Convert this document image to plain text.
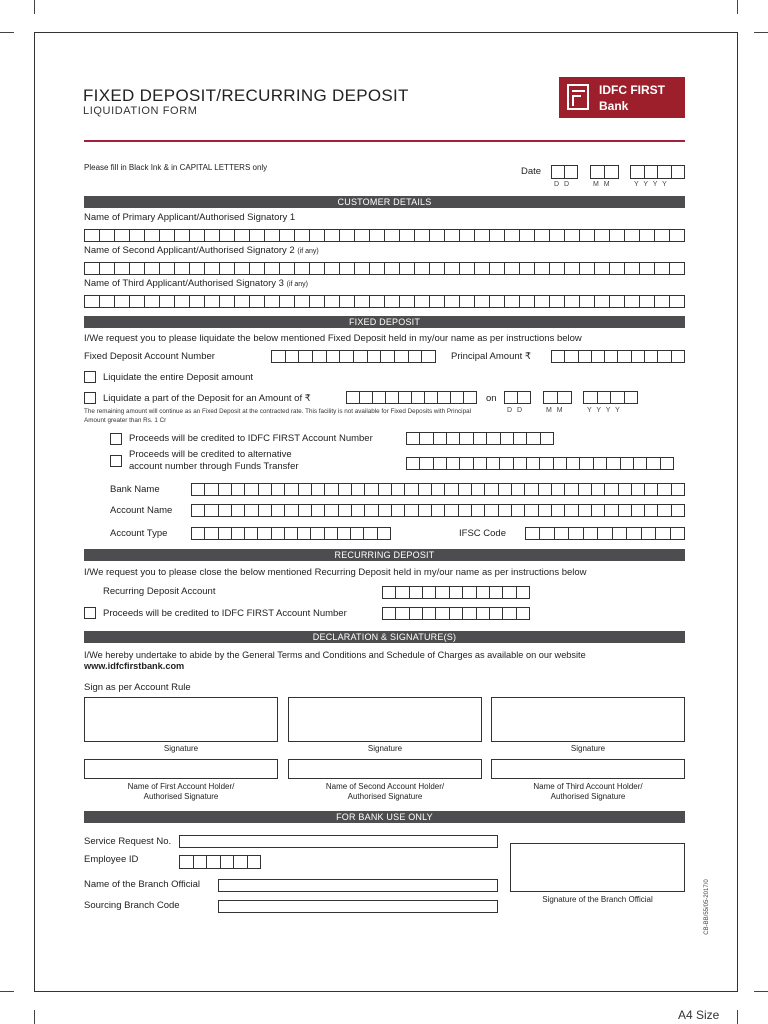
FIXED DEPOSIT/RECURRING DEPOSIT
LIQUIDATION FORM
IDFC FIRST
Bank
Please fill in Black Ink & in CAPITAL LETTERS only	Date
D D	M M	Y Y Y Y
CUSTOMER DETAILS
Name of Primary Applicant/Authorised Signatory 1
Name of Second Applicant/Authorised Signatory 2 (if any)
Name of Third Applicant/Authorised Signatory 3 (if any)
FIXED DEPOSIT
I/We request you to please liquidate the below mentioned Fixed Deposit held in my/our name as per instructions below
Fixed Deposit Account Number	Principal Amount ₹
Liquidate the entire Deposit amount
Liquidate a part of the Deposit for an Amount of ₹	on
D D	M M	Y Y Y Y
The remaining amount will continue as an Fixed Deposit at the contracted rate. This facility is not available for Fixed Deposits with Principal Amount greater than Rs. 1 Cr
Proceeds will be credited to IDFC FIRST Account Number
Proceeds will be credited to alternative
account number through Funds Transfer
Bank Name
Account Name
Account Type	IFSC Code
RECURRING DEPOSIT
I/We request you to please close the below mentioned Recurring Deposit held in my/our name as per instructions below
Recurring Deposit Account
Proceeds will be credited to IDFC FIRST Account Number
DECLARATION & SIGNATURE(S)
I/We hereby undertake to abide by the General Terms and Conditions and Schedule of Charges as available on our website
www.idfcfirstbank.com
Sign as per Account Rule
Signature	Signature	Signature
Name of First Account Holder/
Authorised Signature
Name of Second Account Holder/
Authorised Signature
Name of Third Account Holder/
Authorised Signature
FOR BANK USE ONLY
Service Request No.
Employee ID
Name of the Branch Official
Sourcing Branch Code
Signature of the Branch Official	CB-BB/55/05-2017/0
A4 Size
